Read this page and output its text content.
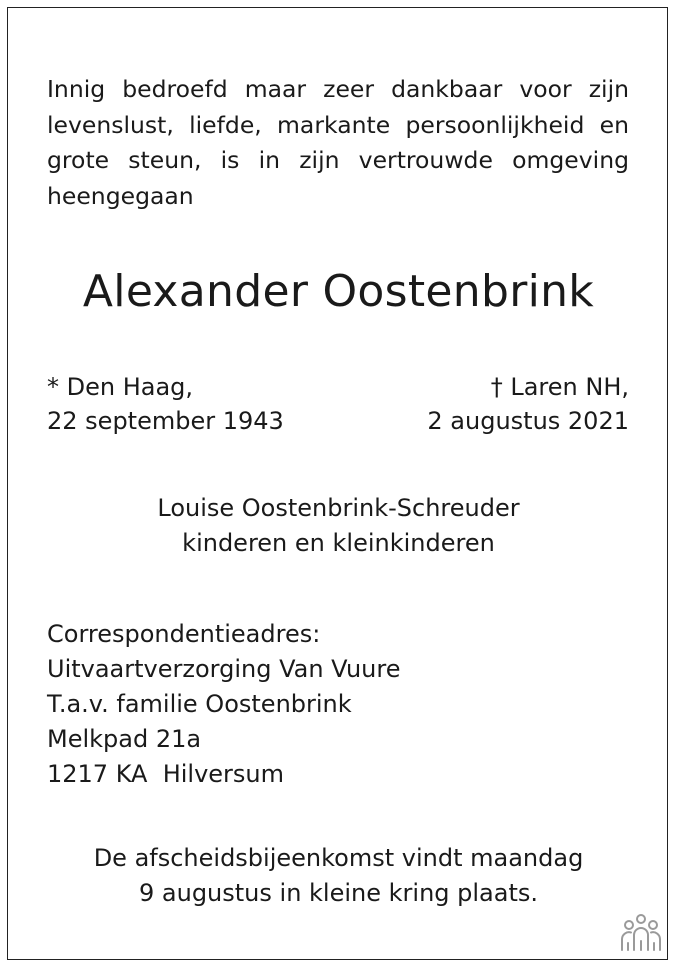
Innig bedroefd maar zeer dankbaar voor zijn
levenslust, liefde, markante persoonlijkheid en
grote steun, is in zijn vertrouwde omgeving
heengegaan

Alexander Oostenbrink

* Den Haag,
22 september 1943

† Laren NH,
2 augustus 2021

Louise Oostenbrink-Schreuder
kinderen en kleinkinderen

Correspondentieadres:
Uitvaartverzorging Van Vuure
T.a.v. familie Oostenbrink
Melkpad 21a
1217 KA  Hilversum

De afscheidsbijeenkomst vindt maandag
9 augustus in kleine kring plaats.
